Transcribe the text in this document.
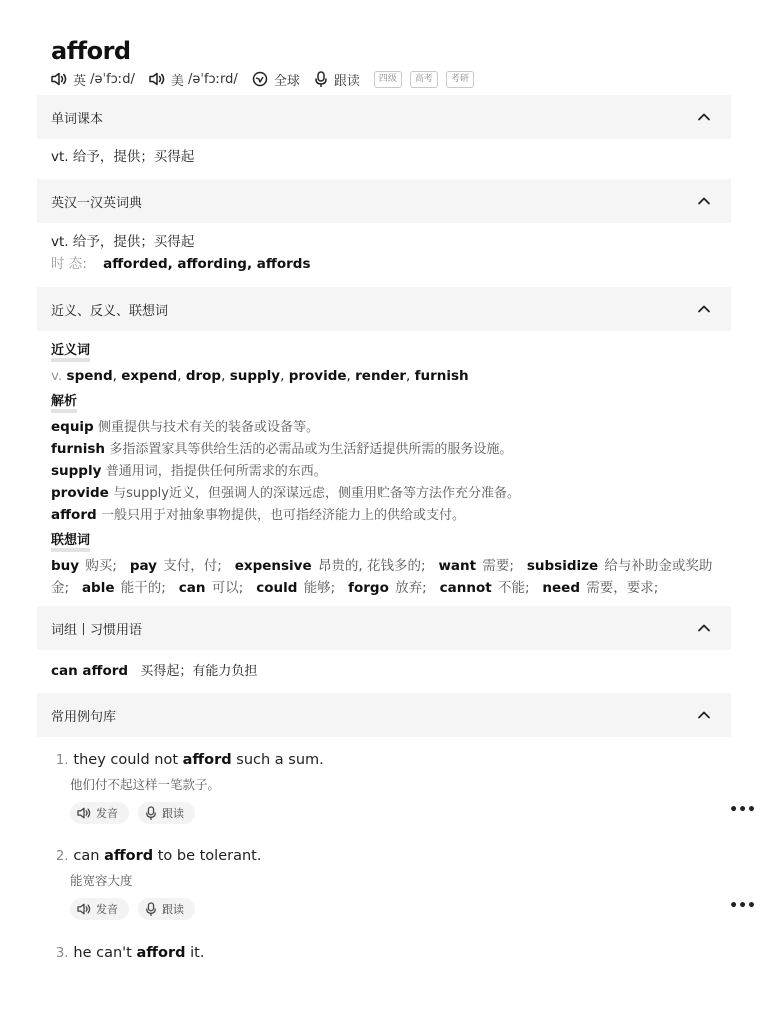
afford
英
/əˈfɔːd/	美
/əˈfɔːrd/	全球	跟读	四级	高考	考研
单词课本
vt. 给予，提供；买得起
英汉一汉英词典
vt. 给予，提供；买得起
时 态: afforded, affording, affords
近义、反义、联想词
近义词
v. spend, expend, drop, supply, provide, render, furnish
解析
equip 侧重提供与技术有关的装备或设备等。
furnish 多指添置家具等供给生活的必需品或为生活舒适提供所需的服务设施。
supply 普通用词，指提供任何所需求的东西。
provide 与supply近义，但强调人的深谋远虑，侧重用贮备等方法作充分准备。
afford 一般只用于对抽象事物提供，也可指经济能力上的供给或支付。
联想词
buy 购买; pay 支付，付; expensive 昂贵的, 花钱多的; want 需要; subsidize 给与补助金或奖助金; able 能干的; can 可以; could 能够; forgo 放弃; cannot 不能; need 需要，要求;
词组丨习惯用语
can afford 买得起；有能力负担
常用例句库
1. they could not afford such a sum.
他们付不起这样一笔款子。
发音	跟读	•••
2. can afford to be tolerant.
能宽容大度
发音	跟读	•••
3. he can't afford it.
